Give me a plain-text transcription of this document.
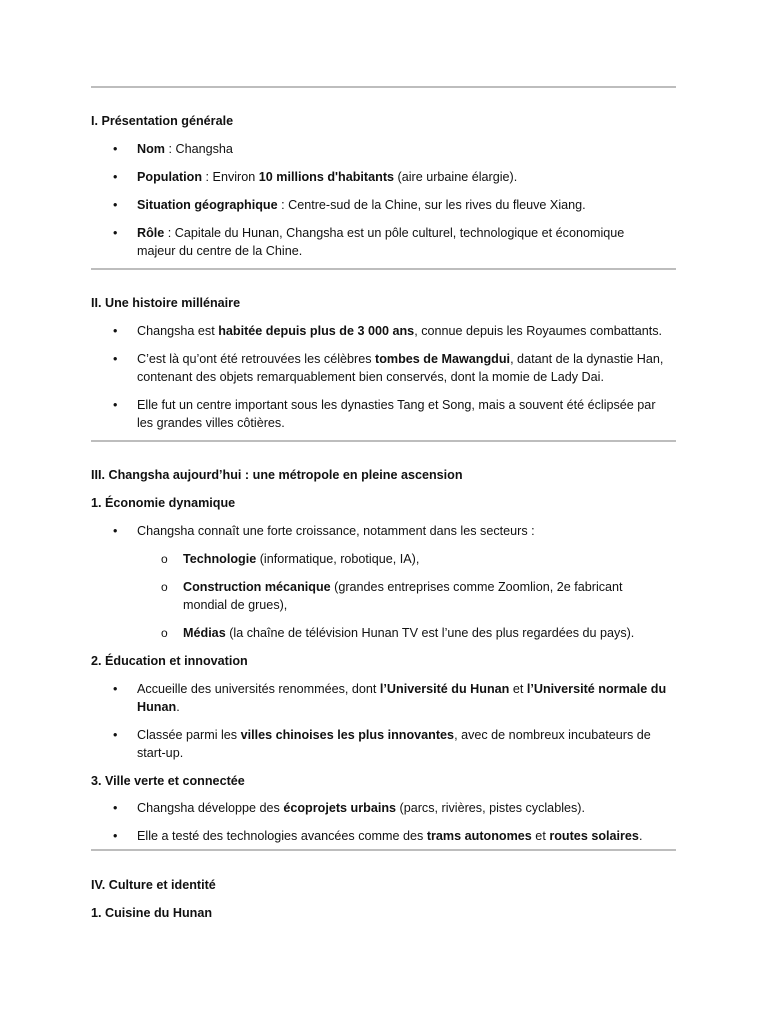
I. Présentation générale

• Nom : Changsha
• Population : Environ 10 millions d'habitants (aire urbaine élargie).
• Situation géographique : Centre-sud de la Chine, sur les rives du fleuve Xiang.
• Rôle : Capitale du Hunan, Changsha est un pôle culturel, technologique et économique
majeur du centre de la Chine.

II. Une histoire millénaire

• Changsha est habitée depuis plus de 3 000 ans, connue depuis les Royaumes combattants.
• C’est là qu’ont été retrouvées les célèbres tombes de Mawangdui, datant de la dynastie Han,
contenant des objets remarquablement bien conservés, dont la momie de Lady Dai.
• Elle fut un centre important sous les dynasties Tang et Song, mais a souvent été éclipsée par
les grandes villes côtières.

III. Changsha aujourd’hui : une métropole en pleine ascension

1. Économie dynamique

• Changsha connaît une forte croissance, notamment dans les secteurs :
o Technologie (informatique, robotique, IA),
o Construction mécanique (grandes entreprises comme Zoomlion, 2e fabricant
mondial de grues),
o Médias (la chaîne de télévision Hunan TV est l’une des plus regardées du pays).

2. Éducation et innovation

• Accueille des universités renommées, dont l’Université du Hunan et l’Université normale du
Hunan.
• Classée parmi les villes chinoises les plus innovantes, avec de nombreux incubateurs de
start-up.

3. Ville verte et connectée

• Changsha développe des écoprojets urbains (parcs, rivières, pistes cyclables).
• Elle a testé des technologies avancées comme des trams autonomes et routes solaires.

IV. Culture et identité

1. Cuisine du Hunan
